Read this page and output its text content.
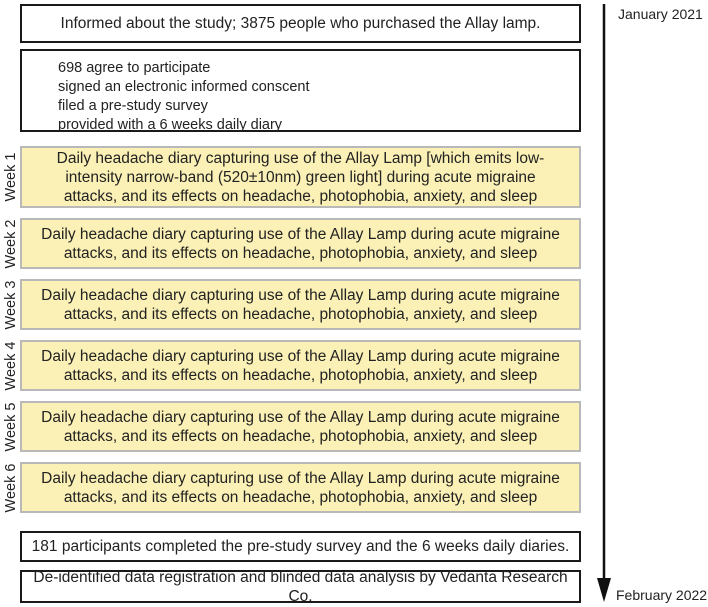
Informed about the study; 3875 people who purchased the Allay lamp.
698 agree to participate
signed an electronic informed conscent
filed a pre-study survey
provided with a 6 weeks daily diary
Week 1	Daily headache diary capturing use of the Allay Lamp [which emits low-intensity narrow-band (520±10nm) green light] during acute migraine attacks, and its effects on headache, photophobia, anxiety, and sleep
Week 2	Daily headache diary capturing use of the Allay Lamp during acute migraine attacks, and its effects on headache, photophobia, anxiety, and sleep
Week 3	Daily headache diary capturing use of the Allay Lamp during acute migraine attacks, and its effects on headache, photophobia, anxiety, and sleep
Week 4	Daily headache diary capturing use of the Allay Lamp during acute migraine attacks, and its effects on headache, photophobia, anxiety, and sleep
Week 5	Daily headache diary capturing use of the Allay Lamp during acute migraine attacks, and its effects on headache, photophobia, anxiety, and sleep
Week 6	Daily headache diary capturing use of the Allay Lamp during acute migraine attacks, and its effects on headache, photophobia, anxiety, and sleep
181 participants completed the pre-study survey and the 6 weeks daily diaries.
De-identified data registration and blinded data analysis by Vedanta Research Co.
January 2021
February 2022
